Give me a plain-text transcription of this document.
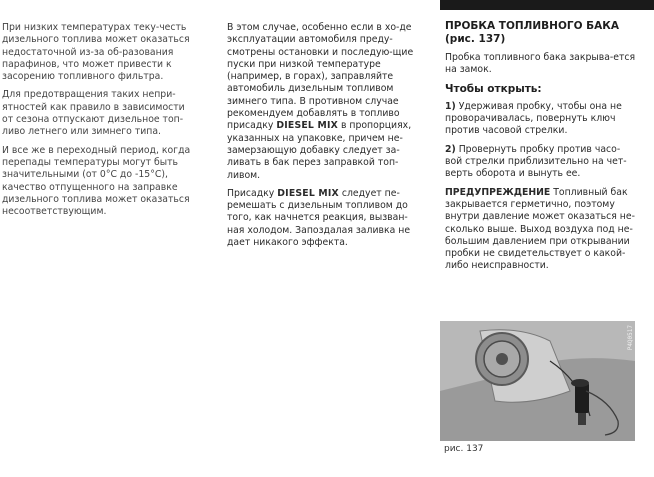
При низких температурах теку-честь дизельного топлива может оказаться недостаточной из-за об-разования парафинов, что может привести к засорению топливного фильтра.

Для предотвращения таких непри-ятностей как правило в зависимости от сезона отпускают дизельное топ-ливо летнего или зимнего типа.

И все же в переходный период, когда перепады температуры могут быть значительными (от 0°С до -15°С), качество отпущенного на заправке дизельного топлива может оказаться несоответствующим.

В этом случае, особенно если в хо-де эксплуатации автомобиля преду-смотрены остановки и последую-щие пуски при низкой температуре (например, в горах), заправляйте автомобиль дизельным топливом зимнего типа. В противном случае рекомендуем добавлять в топливо присадку DIESEL MIX в пропорциях, указанных на упаковке, причем не-замерзающую добавку следует за-ливать в бак перез заправкой топ-ливом.

Присадку DIESEL MIX следует пе-ремешать с дизельным топливом до того, как начнется реакция, вызван-ная холодом. Запоздалая заливка не дает никакого эффекта.

ПРОБКА ТОПЛИВНОГО БАКА (рис. 137)

Пробка топливного бака закрыва-ется на замок.

Чтобы открыть:

1) Удерживая пробку, чтобы она не проворачивалась, повернуть ключ против часовой стрелки.

2) Провернуть пробку против часо-вой стрелки приблизительно на чет-верть оборота и вынуть ее.

ПРЕДУПРЕЖДЕНИЕ Топливный бак закрывается герметично, поэтому внутри давление может оказаться не-сколько выше. Выход воздуха под не-большим давлением при открывании пробки не свидетельствует о какой-либо неисправности.

P4Q0517
рис. 137
